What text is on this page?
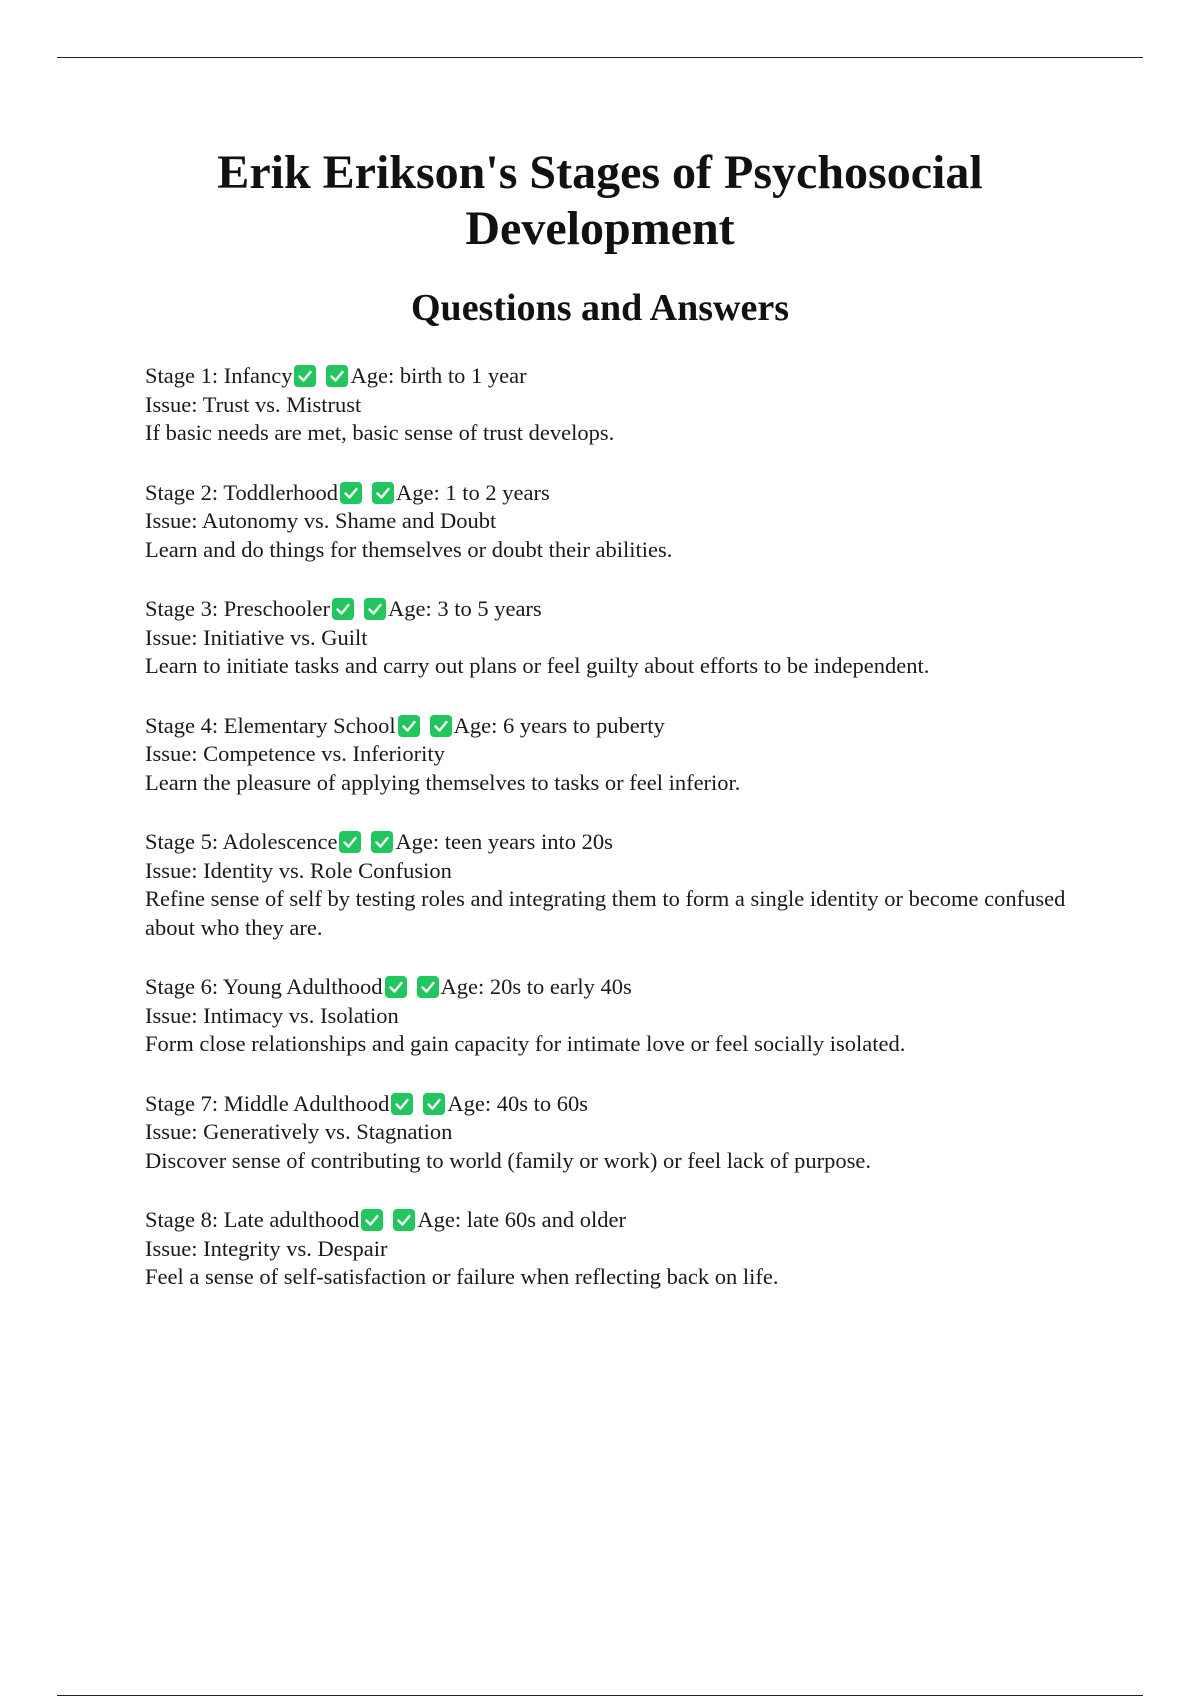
Erik Erikson's Stages of Psychosocial Development
Questions and Answers
Stage 1: Infancy	Age: birth to 1 year
Issue: Trust vs. Mistrust
If basic needs are met, basic sense of trust develops.
Stage 2: Toddlerhood	Age: 1 to 2 years
Issue: Autonomy vs. Shame and Doubt
Learn and do things for themselves or doubt their abilities.
Stage 3: Preschooler	Age: 3 to 5 years
Issue: Initiative vs. Guilt
Learn to initiate tasks and carry out plans or feel guilty about efforts to be independent.
Stage 4: Elementary School	Age: 6 years to puberty
Issue: Competence vs. Inferiority
Learn the pleasure of applying themselves to tasks or feel inferior.
Stage 5: Adolescence	Age: teen years into 20s
Issue: Identity vs. Role Confusion
Refine sense of self by testing roles and integrating them to form a single identity or become confused about who they are.
Stage 6: Young Adulthood	Age: 20s to early 40s
Issue: Intimacy vs. Isolation
Form close relationships and gain capacity for intimate love or feel socially isolated.
Stage 7: Middle Adulthood	Age: 40s to 60s
Issue: Generatively vs. Stagnation
Discover sense of contributing to world (family or work) or feel lack of purpose.
Stage 8: Late adulthood	Age: late 60s and older
Issue: Integrity vs. Despair
Feel a sense of self-satisfaction or failure when reflecting back on life.
